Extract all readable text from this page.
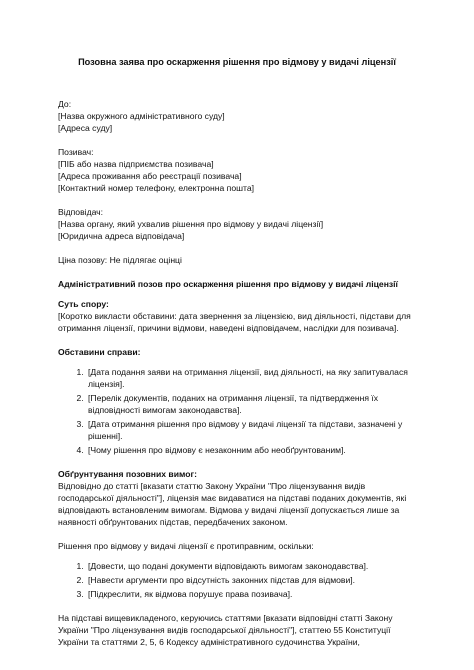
Позовна заява про оскарження рішення про відмову у видачі ліцензії
До:
[Назва окружного адміністративного суду]
[Адреса суду]
Позивач:
[ПІБ або назва підприємства позивача]
[Адреса проживання або реєстрації позивача]
[Контактний номер телефону, електронна пошта]
Відповідач:
[Назва органу, який ухвалив рішення про відмову у видачі ліцензії]
[Юридична адреса відповідача]
Ціна позову: Не підлягає оцінці
Адміністративний позов про оскарження рішення про відмову у видачі ліцензії
Суть спору:
[Коротко викласти обставини: дата звернення за ліцензією, вид діяльності, підстави для отримання ліцензії, причини відмови, наведені відповідачем, наслідки для позивача].
Обставини справи:
1. [Дата подання заяви на отримання ліцензії, вид діяльності, на яку запитувалася ліцензія].
2. [Перелік документів, поданих на отримання ліцензії, та підтвердження їх відповідності вимогам законодавства].
3. [Дата отримання рішення про відмову у видачі ліцензії та підстави, зазначені у рішенні].
4. [Чому рішення про відмову є незаконним або необґрунтованим].
Обґрунтування позовних вимог:
Відповідно до статті [вказати статтю Закону України "Про ліцензування видів господарської діяльності"], ліцензія має видаватися на підставі поданих документів, які відповідають встановленим вимогам. Відмова у видачі ліцензії допускається лише за наявності обґрунтованих підстав, передбачених законом.
Рішення про відмову у видачі ліцензії є протиправним, оскільки:
1. [Довести, що подані документи відповідають вимогам законодавства].
2. [Навести аргументи про відсутність законних підстав для відмови].
3. [Підкреслити, як відмова порушує права позивача].
На підставі вищевикладеного, керуючись статтями [вказати відповідні статті Закону України "Про ліцензування видів господарської діяльності"], статтею 55 Конституції України та статтями 2, 5, 6 Кодексу адміністративного судочинства України,
